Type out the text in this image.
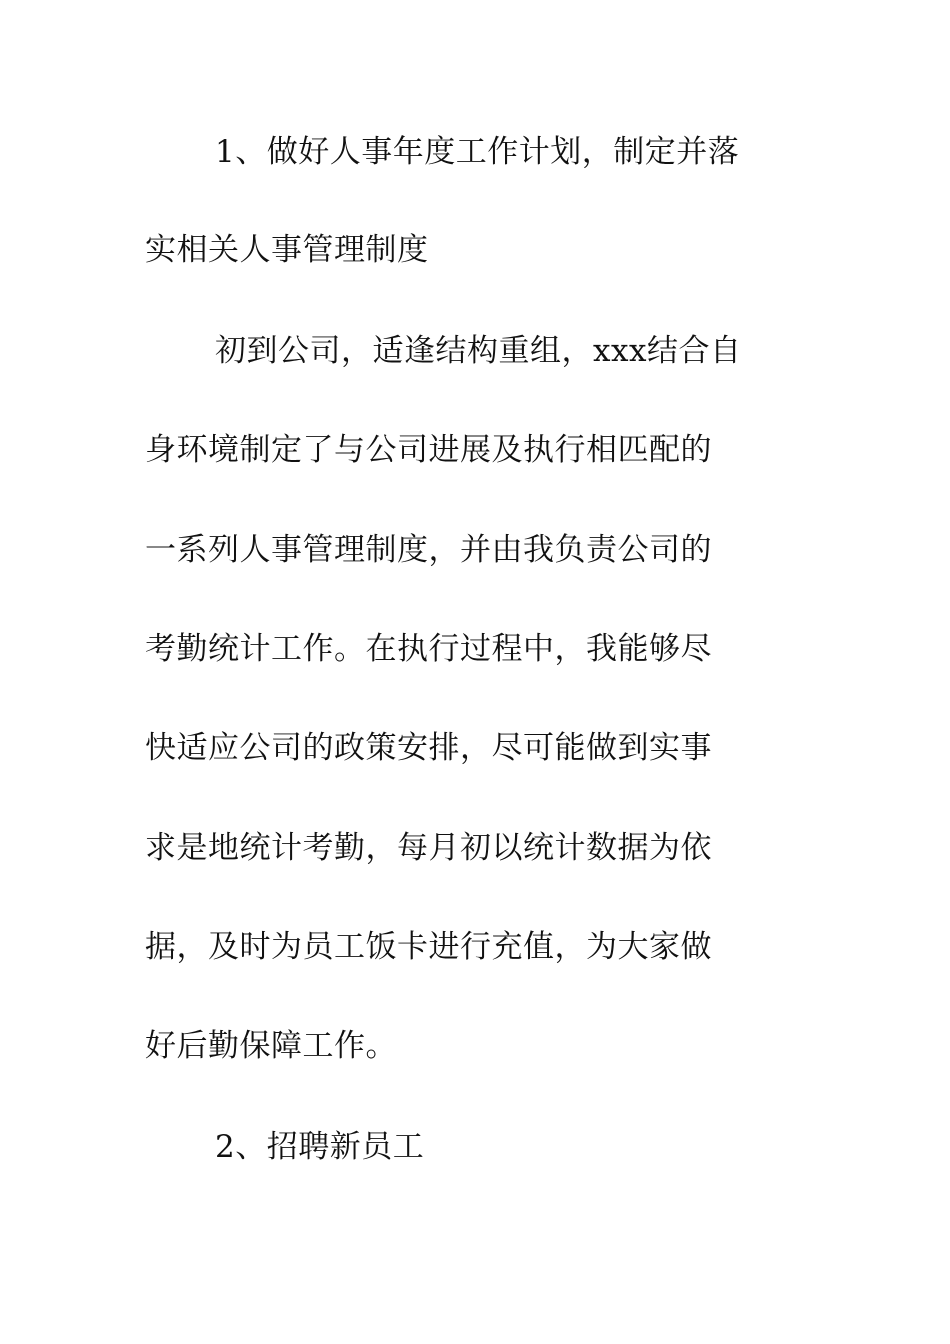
1、做好人事年度工作计划，制定并落
实相关人事管理制度
初到公司，适逢结构重组，xxx结合自
身环境制定了与公司进展及执行相匹配的
一系列人事管理制度，并由我负责公司的
考勤统计工作。在执行过程中，我能够尽
快适应公司的政策安排，尽可能做到实事
求是地统计考勤，每月初以统计数据为依
据，及时为员工饭卡进行充值，为大家做
好后勤保障工作。
2、招聘新员工
